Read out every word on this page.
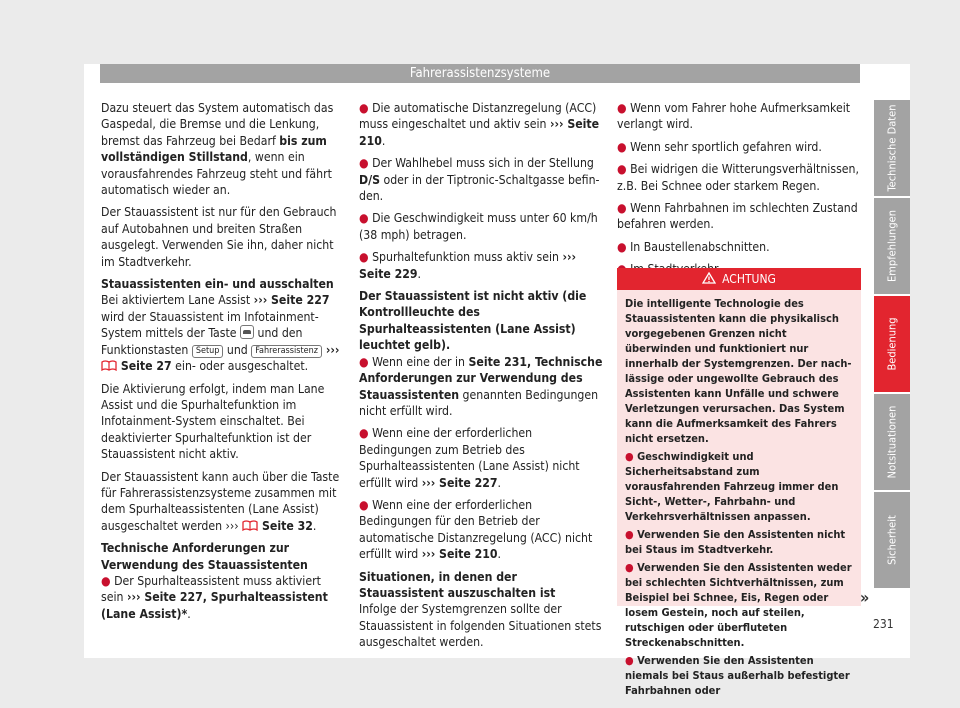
Fahrerassistenzsysteme

Dazu steuert das System automatisch das Gaspedal, die Bremse und die Lenkung, bremst das Fahrzeug bei Bedarf bis zum vollständigen Stillstand, wenn ein vorausfahrendes Fahrzeug steht und fährt automatisch wieder an.

Der Stauassistent ist nur für den Gebrauch auf Autobahnen und breiten Straßen ausgelegt. Verwenden Sie ihn, daher nicht im Stadtverkehr.

Stauassistenten ein- und ausschalten

Bei aktiviertem Lane Assist ››› Seite 227 wird der Stauassistent im Infotainment-System mittels der Taste  und den Funktionstasten Setup und Fahrerassistenz ›››  Seite 27 ein- oder ausgeschaltet.

Die Aktivierung erfolgt, indem man Lane Assist und die Spurhaltefunktion im Infotainment-System einschaltet. Bei deaktivierter Spurhaltefunktion ist der Stauassistent nicht aktiv.

Der Stauassistent kann auch über die Taste für Fahrerassistenzsysteme zusammen mit dem Spurhalteassistenten (Lane Assist) ausgeschaltet werden ›››  Seite 32.

Technische Anforderungen zur Verwendung des Stauassistenten

● Der Spurhalteassistent muss aktiviert sein ››› Seite 227, Spurhalteassistent (Lane Assist)*.

● Die automatische Distanzregelung (ACC) muss eingeschaltet und aktiv sein ››› Seite 210.

● Der Wahlhebel muss sich in der Stellung D/S oder in der Tiptronic-Schaltgasse befinden.

● Die Geschwindigkeit muss unter 60 km/h (38 mph) betragen.

● Spurhaltefunktion muss aktiv sein ››› Seite 229.

Der Stauassistent ist nicht aktiv (die Kontrollleuchte des Spurhalteassistenten (Lane Assist) leuchtet gelb).

● Wenn eine der in Seite 231, Technische Anforderungen zur Verwendung des Stauassistenten genannten Bedingungen nicht erfüllt wird.

● Wenn eine der erforderlichen Bedingungen zum Betrieb des Spurhalteassistenten (Lane Assist) nicht erfüllt wird ››› Seite 227.

● Wenn eine der erforderlichen Bedingungen für den Betrieb der automatische Distanzregelung (ACC) nicht erfüllt wird ››› Seite 210.

Situationen, in denen der Stauassistent auszuschalten ist

Infolge der Systemgrenzen sollte der Stauassistent in folgenden Situationen stets ausgeschaltet werden.

● Wenn vom Fahrer hohe Aufmerksamkeit verlangt wird.

● Wenn sehr sportlich gefahren wird.

● Bei widrigen die Witterungsverhältnissen, z.B. Bei Schnee oder starkem Regen.

● Wenn Fahrbahnen im schlechten Zustand befahren werden.

● In Baustellenabschnitten.

ACHTUNG

Die intelligente Technologie des Stauassistenten kann die physikalisch vorgegebenen Grenzen nicht überwinden und funktioniert nur innerhalb der Systemgrenzen. Der nachlässige oder ungewollte Gebrauch des Assistenten kann Unfälle und schwere Verletzungen verursachen. Das System kann die Aufmerksamkeit des Fahrers nicht ersetzen.

● Geschwindigkeit und Sicherheitsabstand zum vorausfahrenden Fahrzeug immer den Sicht-, Wetter-, Fahrbahn- und Verkehrsverhältnissen anpassen.

● Verwenden Sie den Assistenten nicht bei Staus im Stadtverkehr.

● Verwenden Sie den Assistenten weder bei schlechten Sichtverhältnissen, zum Beispiel bei Schnee, Eis, Regen oder losem Gestein, noch auf steilen, rutschigen oder überfluteten Streckenabschnitten.

● Verwenden Sie den Assistenten niemals bei Staus außerhalb befestigter Fahrbahnen oder

»
Technische Daten
Empfehlungen
Bedienung
Notsituationen
Sicherheit
231
